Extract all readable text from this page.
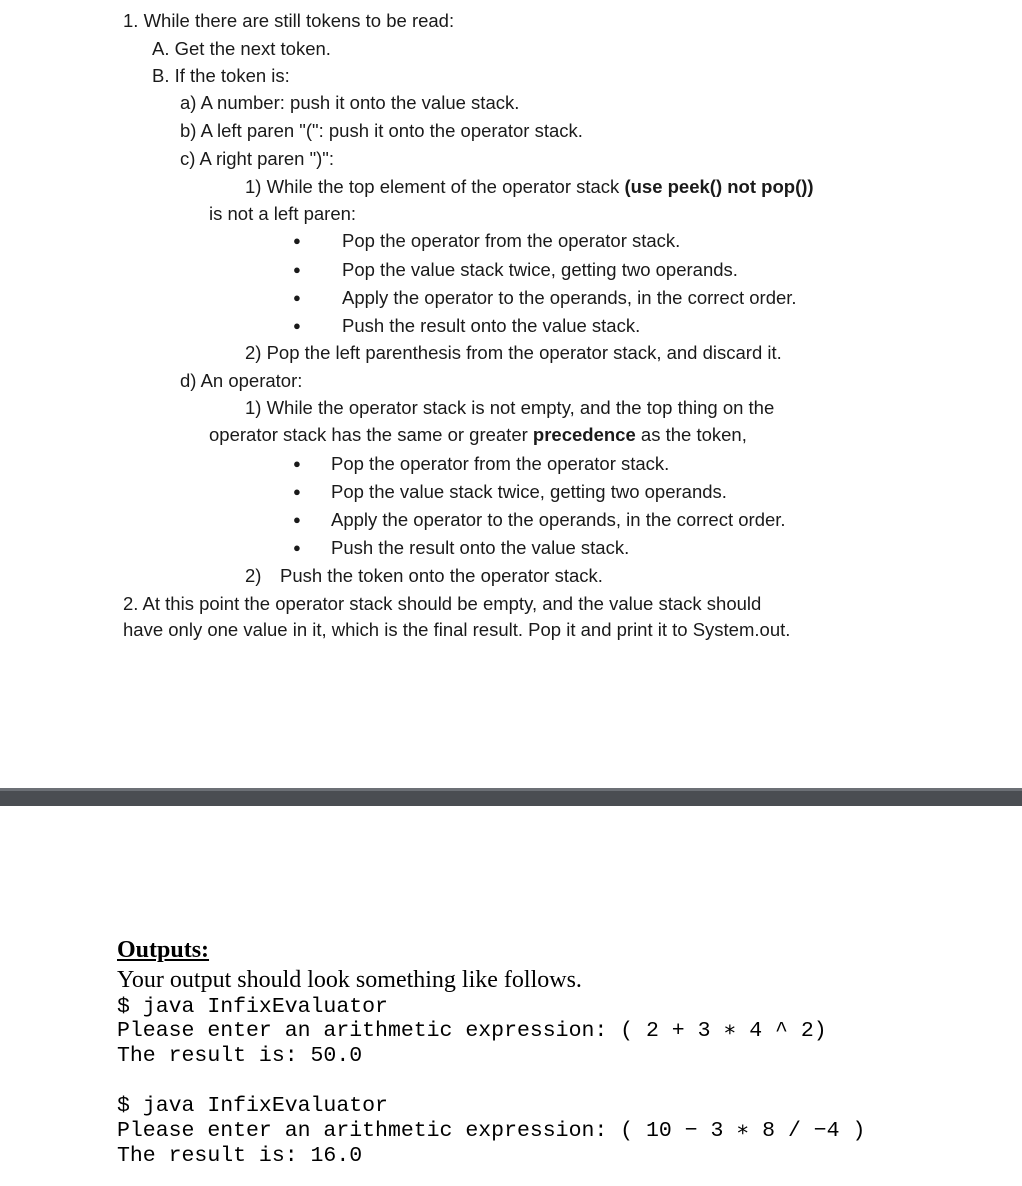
1. While there are still tokens to be read:
A. Get the next token.
B. If the token is:
a) A number: push it onto the value stack.
b) A left paren "(": push it onto the operator stack.
c) A right paren ")":
1) While the top element of the operator stack (use peek() not pop())
is not a left paren:
● Pop the operator from the operator stack.
● Pop the value stack twice, getting two operands.
● Apply the operator to the operands, in the correct order.
● Push the result onto the value stack.
2) Pop the left parenthesis from the operator stack, and discard it.
d) An operator:
1) While the operator stack is not empty, and the top thing on the
operator stack has the same or greater precedence as the token,
● Pop the operator from the operator stack.
● Pop the value stack twice, getting two operands.
● Apply the operator to the operands, in the correct order.
● Push the result onto the value stack.
2) Push the token onto the operator stack.
2. At this point the operator stack should be empty, and the value stack should
have only one value in it, which is the final result. Pop it and print it to System.out.
Outputs:
Your output should look something like follows.
$ java InfixEvaluator
Please enter an arithmetic expression: ( 2 + 3 ∗ 4 ^ 2)
The result is: 50.0
$ java InfixEvaluator
Please enter an arithmetic expression: ( 10 − 3 ∗ 8 / −4 )
The result is: 16.0
